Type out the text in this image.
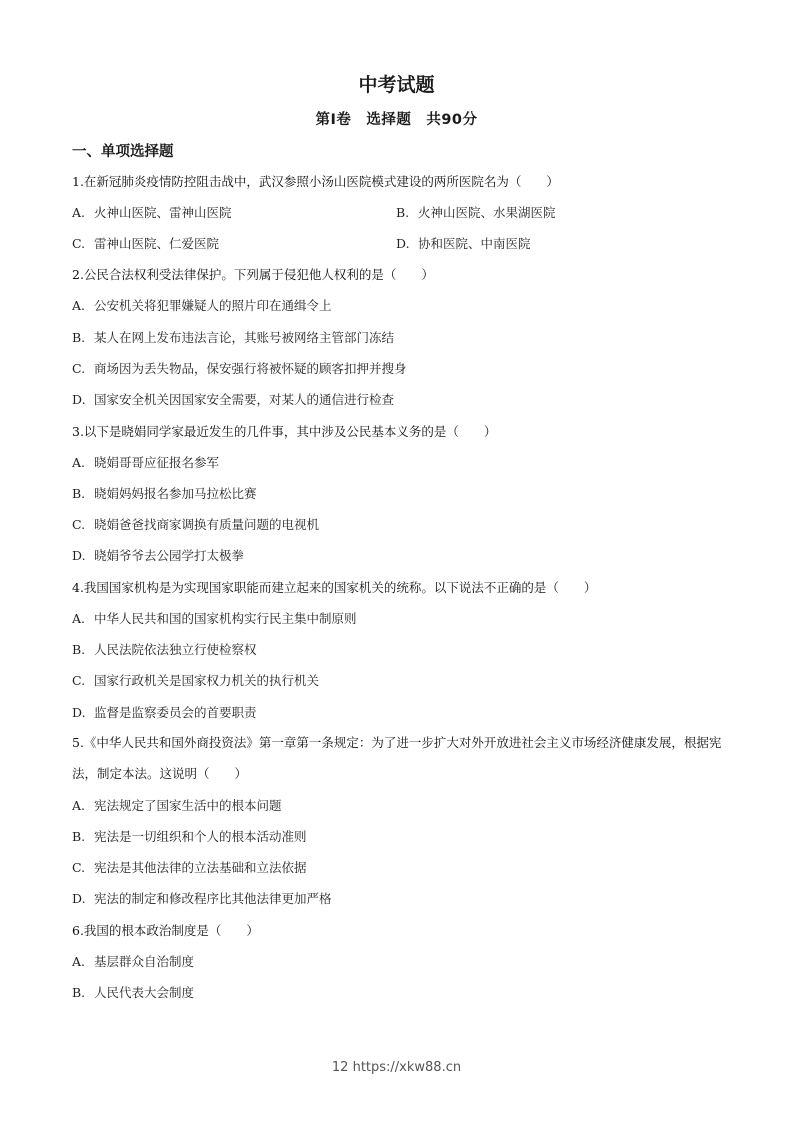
中考试题
第Ⅰ卷　选择题　共90分
一、单项选择题
1.在新冠肺炎疫情防控阻击战中，武汉参照小汤山医院模式建设的两所医院名为（　　）
A. 火神山医院、雷神山医院	B. 火神山医院、水果湖医院
C. 雷神山医院、仁爱医院	D. 协和医院、中南医院
2.公民合法权利受法律保护。下列属于侵犯他人权利的是（　　）
A. 公安机关将犯罪嫌疑人的照片印在通缉令上
B. 某人在网上发布违法言论，其账号被网络主管部门冻结
C. 商场因为丢失物品，保安强行将被怀疑的顾客扣押并搜身
D. 国家安全机关因国家安全需要，对某人的通信进行检查
3.以下是晓娟同学家最近发生的几件事，其中涉及公民基本义务的是（　　）
A. 晓娟哥哥应征报名参军
B. 晓娟妈妈报名参加马拉松比赛
C. 晓娟爸爸找商家调换有质量问题的电视机
D. 晓娟爷爷去公园学打太极拳
4.我国国家机构是为实现国家职能而建立起来的国家机关的统称。以下说法不正确的是（　　）
A. 中华人民共和国的国家机构实行民主集中制原则
B. 人民法院依法独立行使检察权
C. 国家行政机关是国家权力机关的执行机关
D. 监督是监察委员会的首要职责
5.《中华人民共和国外商投资法》第一章第一条规定：为了进一步扩大对外开放进社会主义市场经济健康发展，根据宪法，制定本法。这说明（　　）
A. 宪法规定了国家生活中的根本问题
B. 宪法是一切组织和个人的根本活动准则
C. 宪法是其他法律的立法基础和立法依据
D. 宪法的制定和修改程序比其他法律更加严格
6.我国的根本政治制度是（　　）
A. 基层群众自治制度
B. 人民代表大会制度
12 https://xkw88.cn
